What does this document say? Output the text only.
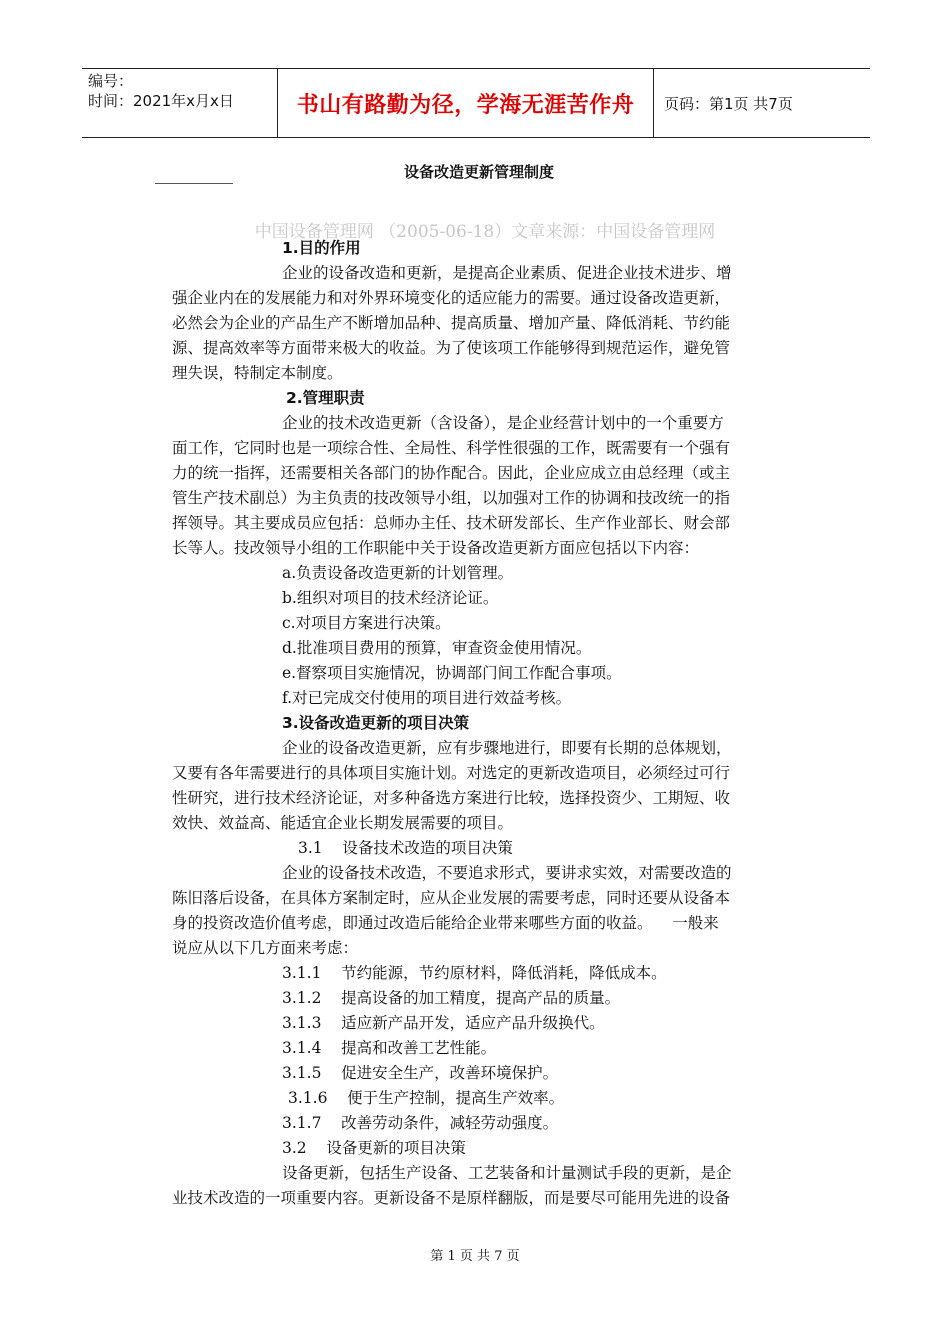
编号：
时间：2021年x月x日	书山有路勤为径，学海无涯苦作舟	页码：第1页 共7页
设备改造更新管理制度
中国设备管理网 （2005-06-18）文章来源：中国设备管理网
1.目的作用
企业的设备改造和更新，是提高企业素质、促进企业技术进步、增
强企业内在的发展能力和对外界环境变化的适应能力的需要。通过设备改造更新，
必然会为企业的产品生产不断增加品种、提高质量、增加产量、降低消耗、节约能
源、提高效率等方面带来极大的收益。为了使该项工作能够得到规范运作，避免管
理失误，特制定本制度。
2.管理职责
企业的技术改造更新（含设备），是企业经营计划中的一个重要方
面工作，它同时也是一项综合性、全局性、科学性很强的工作，既需要有一个强有
力的统一指挥，还需要相关各部门的协作配合。因此，企业应成立由总经理（或主
管生产技术副总）为主负责的技改领导小组，以加强对工作的协调和技改统一的指
挥领导。其主要成员应包括：总师办主任、技术研发部长、生产作业部长、财会部
长等人。技改领导小组的工作职能中关于设备改造更新方面应包括以下内容：
a.负责设备改造更新的计划管理。
b.组织对项目的技术经济论证。
c.对项目方案进行决策。
d.批准项目费用的预算，审查资金使用情况。
e.督察项目实施情况，协调部门间工作配合事项。
f.对已完成交付使用的项目进行效益考核。
3.设备改造更新的项目决策
企业的设备改造更新，应有步骤地进行，即要有长期的总体规划，
又要有各年需要进行的具体项目实施计划。对选定的更新改造项目，必须经过可行
性研究，进行技术经济论证，对多种备选方案进行比较，选择投资少、工期短、收
效快、效益高、能适宜企业长期发展需要的项目。
3.1    设备技术改造的项目决策
企业的设备技术改造，不要追求形式，要讲求实效，对需要改造的
陈旧落后设备，在具体方案制定时，应从企业发展的需要考虑，同时还要从设备本
身的投资改造价值考虑，即通过改造后能给企业带来哪些方面的收益。    一般来
说应从以下几方面来考虑：
3.1.1    节约能源，节约原材料，降低消耗，降低成本。
3.1.2    提高设备的加工精度，提高产品的质量。
3.1.3    适应新产品开发，适应产品升级换代。
3.1.4    提高和改善工艺性能。
3.1.5    促进安全生产，改善环境保护。
3.1.6    便于生产控制，提高生产效率。
3.1.7    改善劳动条件，减轻劳动强度。
3.2    设备更新的项目决策
设备更新，包括生产设备、工艺装备和计量测试手段的更新，是企
业技术改造的一项重要内容。更新设备不是原样翻版，而是要尽可能用先进的设备
第 1 页 共 7 页
